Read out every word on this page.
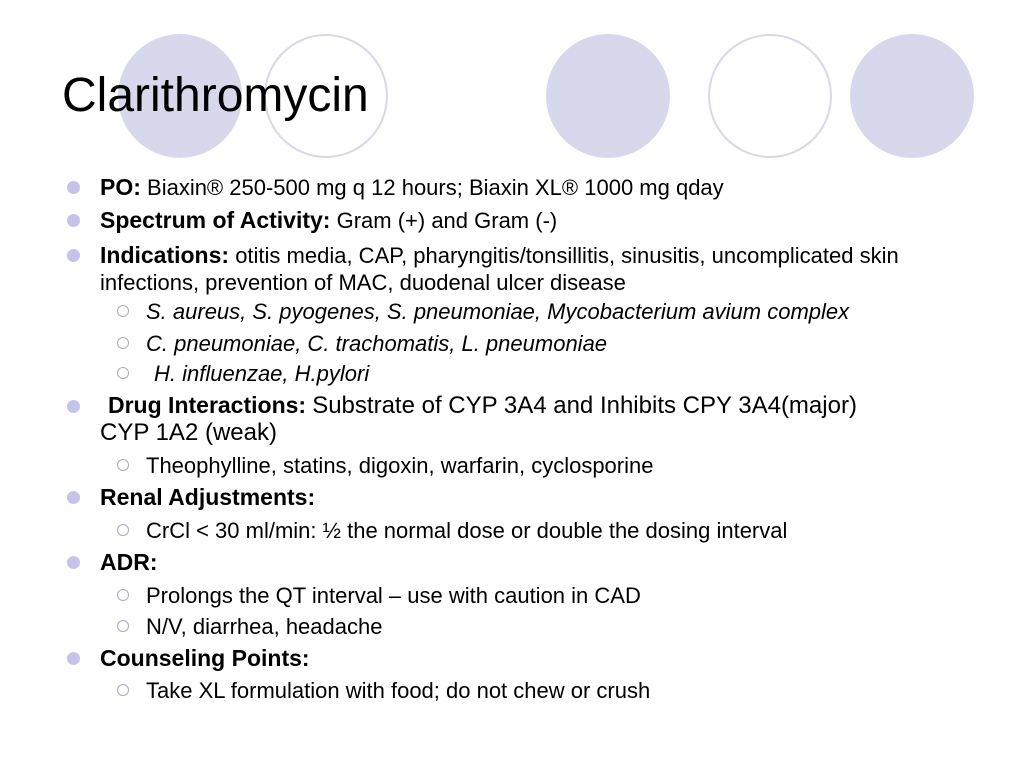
Clarithromycin
PO: Biaxin® 250-500 mg q 12 hours; Biaxin XL® 1000 mg qday
Spectrum of Activity: Gram (+) and Gram (-)
Indications: otitis media, CAP, pharyngitis/tonsillitis, sinusitis, uncomplicated skin infections, prevention of MAC, duodenal ulcer disease
S. aureus, S. pyogenes, S. pneumoniae, Mycobacterium avium complex
C. pneumoniae, C. trachomatis, L. pneumoniae
H. influenzae, H.pylori
Drug Interactions: Substrate of CYP 3A4 and Inhibits CPY 3A4(major) CYP 1A2 (weak)
Theophylline, statins, digoxin, warfarin, cyclosporine
Renal Adjustments:
CrCl < 30 ml/min: ½ the normal dose or double the dosing interval
ADR:
Prolongs the QT interval – use with caution in CAD
N/V, diarrhea, headache
Counseling Points:
Take XL formulation with food; do not chew or crush
